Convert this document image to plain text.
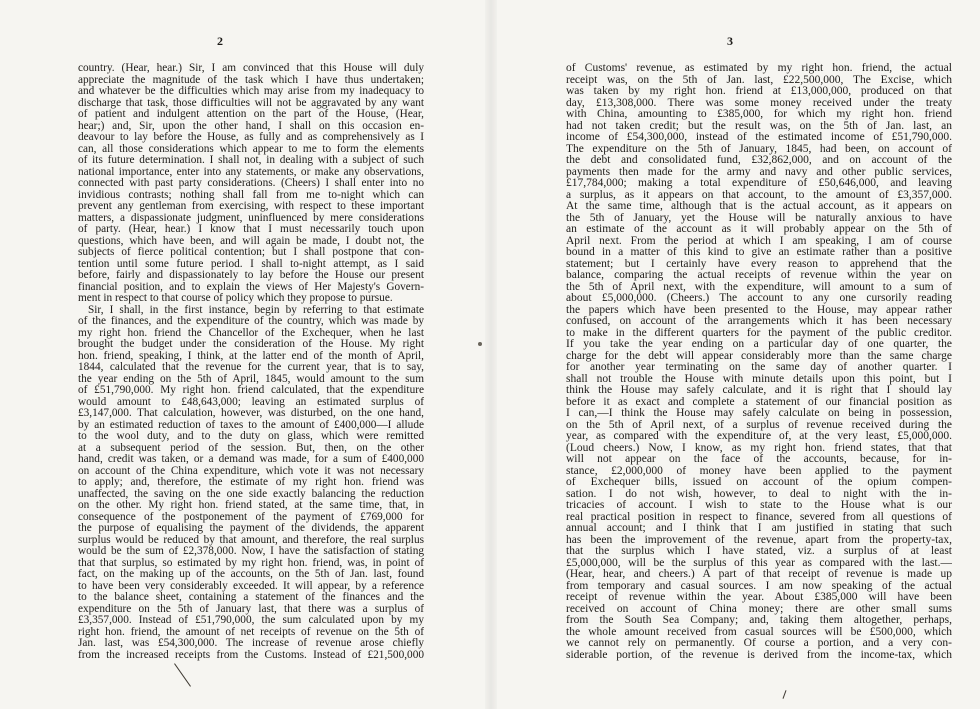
2	3
country. (Hear, hear.) Sir, I am convinced that this House will duly
appreciate the magnitude of the task which I have thus undertaken;
and whatever be the difficulties which may arise from my inadequacy to
discharge that task, those difficulties will not be aggravated by any want
of patient and indulgent attention on the part of the House, (Hear,
hear;) and, Sir, upon the other hand, I shall on this occasion en-
deavour to lay before the House, as fully and as comprehensively as I
can, all those considerations which appear to me to form the elements
of its future determination. I shall not, in dealing with a subject of such
national importance, enter into any statements, or make any observations,
connected with past party considerations. (Cheers) I shall enter into no
invidious contrasts; nothing shall fall from me to-night which can
prevent any gentleman from exercising, with respect to these important
matters, a dispassionate judgment, uninfluenced by mere considerations
of party. (Hear, hear.) I know that I must necessarily touch upon
questions, which have been, and will again be made, I doubt not, the
subjects of fierce political contention; but I shall postpone that con-
tention until some future period. I shall to-night attempt, as I said
before, fairly and dispassionately to lay before the House our present
financial position, and to explain the views of Her Majesty's Govern-
ment in respect to that course of policy which they propose to pursue.
Sir, I shall, in the first instance, begin by referring to that estimate
of the finances, and the expenditure of the country, which was made by
my right hon. friend the Chancellor of the Exchequer, when he last
brought the budget under the consideration of the House. My right
hon. friend, speaking, I think, at the latter end of the month of April,
1844, calculated that the revenue for the current year, that is to say,
the year ending on the 5th of April, 1845, would amount to the sum
of £51,790,000. My right hon. friend calculated, that the expenditure
would amount to £48,643,000; leaving an estimated surplus of
£3,147,000. That calculation, however, was disturbed, on the one hand,
by an estimated reduction of taxes to the amount of £400,000—I allude
to the wool duty, and to the duty on glass, which were remitted
at a subsequent period of the session. But, then, on the other
hand, credit was taken, or a demand was made, for a sum of £400,000
on account of the China expenditure, which vote it was not necessary
to apply; and, therefore, the estimate of my right hon. friend was
unaffected, the saving on the one side exactly balancing the reduction
on the other. My right hon. friend stated, at the same time, that, in
consequence of the postponement of the payment of £769,000 for
the purpose of equalising the payment of the dividends, the apparent
surplus would be reduced by that amount, and therefore, the real surplus
would be the sum of £2,378,000. Now, I have the satisfaction of stating
that that surplus, so estimated by my right hon. friend, was, in point of
fact, on the making up of the accounts, on the 5th of Jan. last, found
to have been very considerably exceeded. It will appear, by a reference
to the balance sheet, containing a statement of the finances and the
expenditure on the 5th of January last, that there was a surplus of
£3,357,000. Instead of £51,790,000, the sum calculated upon by my
right hon. friend, the amount of net receipts of revenue on the 5th of
Jan. last, was £54,300,000. The increase of revenue arose chiefly
from the increased receipts from the Customs. Instead of £21,500,000
of Customs' revenue, as estimated by my right hon. friend, the actual
receipt was, on the 5th of Jan. last, £22,500,000, The Excise, which
was taken by my right hon. friend at £13,000,000, produced on that
day, £13,308,000. There was some money received under the treaty
with China, amounting to £385,000, for which my right hon. friend
had not taken credit; but the result was, on the 5th of Jan. last, an
income of £54,300,000, instead of the estimated income of £51,790,000.
The expenditure on the 5th of January, 1845, had been, on account of
the debt and consolidated fund, £32,862,000, and on account of the
payments then made for the army and navy and other public services,
£17,784,000; making a total expenditure of £50,646,000, and leaving
a surplus, as it appears on that account, to the amount of £3,357,000.
At the same time, although that is the actual account, as it appears on
the 5th of January, yet the House will be naturally anxious to have
an estimate of the account as it will probably appear on the 5th of
April next. From the period at which I am speaking, I am of course
bound in a matter of this kind to give an estimate rather than a positive
statement; but I certainly have every reason to apprehend that the
balance, comparing the actual receipts of revenue within the year on
the 5th of April next, with the expenditure, will amount to a sum of
about £5,000,000. (Cheers.) The account to any one cursorily reading
the papers which have been presented to the House, may appear rather
confused, on account of the arrangements which it has been necessary
to make in the different quarters for the payment of the public creditor.
If you take the year ending on a particular day of one quarter, the
charge for the debt will appear considerably more than the same charge
for another year terminating on the same day of another quarter. I
shall not trouble the House with minute details upon this point, but I
think the House may safely calculate, and it is right that I should lay
before it as exact and complete a statement of our financial position as
I can,—I think the House may safely calculate on being in possession,
on the 5th of April next, of a surplus of revenue received during the
year, as compared with the expenditure of, at the very least, £5,000,000.
(Loud cheers.) Now, I know, as my right hon. friend states, that that
will not appear on the face of the accounts, because, for in-
stance, £2,000,000 of money have been applied to the payment
of Exchequer bills, issued on account of the opium compen-
sation. I do not wish, however, to deal to night with the in-
tricacies of account. I wish to state to the House what is our
real practical position in respect to finance, severed from all questions of
annual account; and I think that I am justified in stating that such
has been the improvement of the revenue, apart from the property-tax,
that the surplus which I have stated, viz. a surplus of at least
£5,000,000, will be the surplus of this year as compared with the last.—
(Hear, hear, and cheers.) A part of that receipt of revenue is made up
from temporary and casual sources. I am now speaking of the actual
receipt of revenue within the year. About £385,000 will have been
received on account of China money; there are other small sums
from the South Sea Company; and, taking them altogether, perhaps,
the whole amount received from casual sources will be £500,000, which
we cannot rely on permanently. Of course a portion, and a very con-
siderable portion, of the revenue is derived from the income-tax, which
